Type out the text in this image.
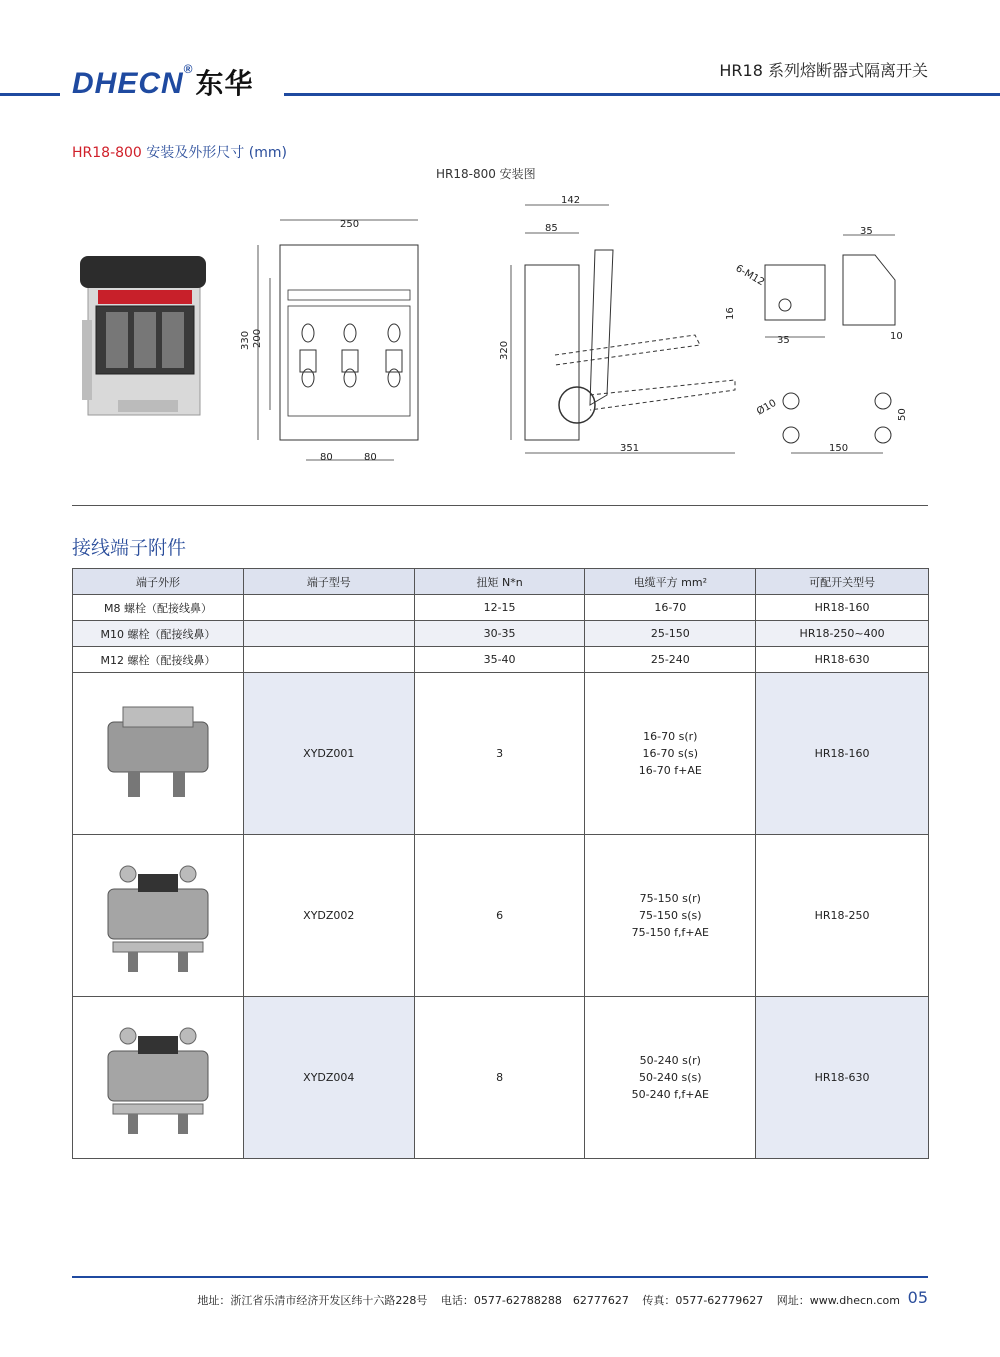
DHECN®东华	HR18 系列熔断器式隔离开关
HR18-800 安装及外形尺寸 (mm)
HR18-800 安装图
250
330 200
80	80
142
85
320
351
6-M12
16
35
35
10
Ø10	50
150
接线端子附件
端子外形	端子型号	扭矩 N*n	电缆平方 mm²	可配开关型号
M8 螺栓（配接线鼻）		12-15	16-70	HR18-160
M10 螺栓（配接线鼻）		30-35	25-150	HR18-250~400
M12 螺栓（配接线鼻）		35-40	25-240	HR18-630
	XYDZ001	3	16-70 s(r)
16-70 s(s)
16-70 f+AE	HR18-160
	XYDZ002	6	75-150 s(r)
75-150 s(s)
75-150 f,f+AE	HR18-250
	XYDZ004	8	50-240 s(r)
50-240 s(s)
50-240 f,f+AE	HR18-630
地址：浙江省乐清市经济开发区纬十六路228号 电话：0577-62788288　62777627 传真：0577-62779627 网址：www.dhecn.com 05
